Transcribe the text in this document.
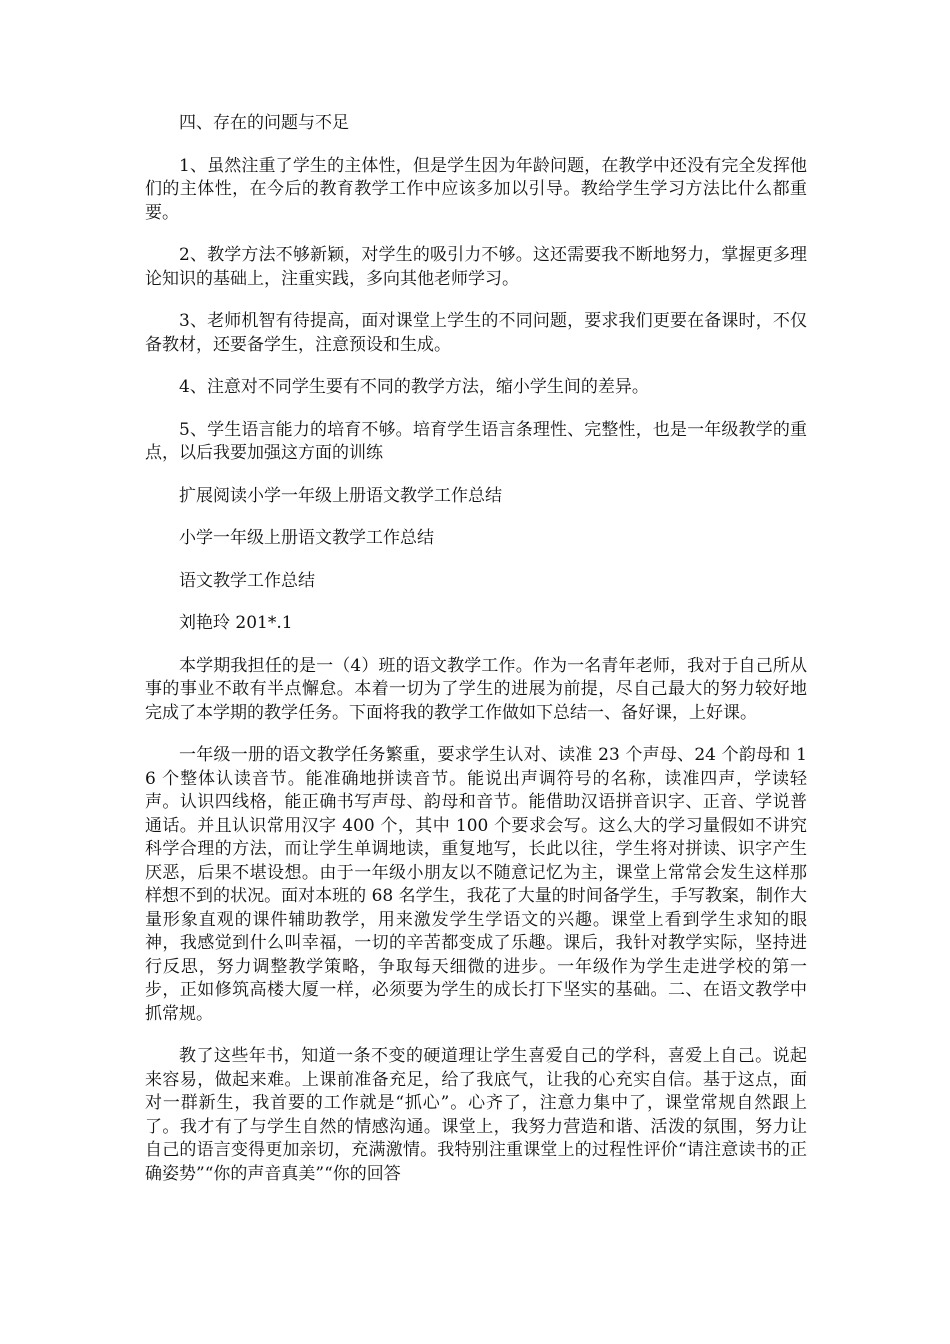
四、存在的问题与不足

1、虽然注重了学生的主体性，但是学生因为年龄问题，在教学中还没有完全发挥他们的主体性，在今后的教育教学工作中应该多加以引导。教给学生学习方法比什么都重要。

2、教学方法不够新颖，对学生的吸引力不够。这还需要我不断地努力，掌握更多理论知识的基础上，注重实践，多向其他老师学习。

3、老师机智有待提高，面对课堂上学生的不同问题，要求我们更要在备课时，不仅备教材，还要备学生，注意预设和生成。

4、注意对不同学生要有不同的教学方法，缩小学生间的差异。

5、学生语言能力的培育不够。培育学生语言条理性、完整性，也是一年级教学的重点，以后我要加强这方面的训练

扩展阅读小学一年级上册语文教学工作总结

小学一年级上册语文教学工作总结

语文教学工作总结

刘艳玲 201*.1

本学期我担任的是一（4）班的语文教学工作。作为一名青年老师，我对于自己所从事的事业不敢有半点懈怠。本着一切为了学生的进展为前提，尽自己最大的努力较好地完成了本学期的教学任务。下面将我的教学工作做如下总结一、备好课，上好课。

一年级一册的语文教学任务繁重，要求学生认对、读准 23 个声母、24 个韵母和 16 个整体认读音节。能准确地拼读音节。能说出声调符号的名称，读准四声，学读轻声。认识四线格，能正确书写声母、韵母和音节。能借助汉语拼音识字、正音、学说普通话。并且认识常用汉字 400 个，其中 100 个要求会写。这么大的学习量假如不讲究科学合理的方法，而让学生单调地读，重复地写，长此以往，学生将对拼读、识字产生厌恶，后果不堪设想。由于一年级小朋友以不随意记忆为主，课堂上常常会发生这样那样想不到的状况。面对本班的 68 名学生，我花了大量的时间备学生，手写教案，制作大量形象直观的课件辅助教学，用来激发学生学语文的兴趣。课堂上看到学生求知的眼神，我感觉到什么叫幸福，一切的辛苦都变成了乐趣。课后，我针对教学实际，坚持进行反思，努力调整教学策略，争取每天细微的进步。一年级作为学生走进学校的第一步，正如修筑高楼大厦一样，必须要为学生的成长打下坚实的基础。二、在语文教学中抓常规。

教了这些年书，知道一条不变的硬道理让学生喜爱自己的学科，喜爱上自己。说起来容易，做起来难。上课前准备充足，给了我底气，让我的心充实自信。基于这点，面对一群新生，我首要的工作就是“抓心”。心齐了，注意力集中了，课堂常规自然跟上了。我才有了与学生自然的情感沟通。课堂上，我努力营造和谐、活泼的氛围，努力让自己的语言变得更加亲切，充满激情。我特别注重课堂上的过程性评价“请注意读书的正确姿势”“你的声音真美”“你的回答
